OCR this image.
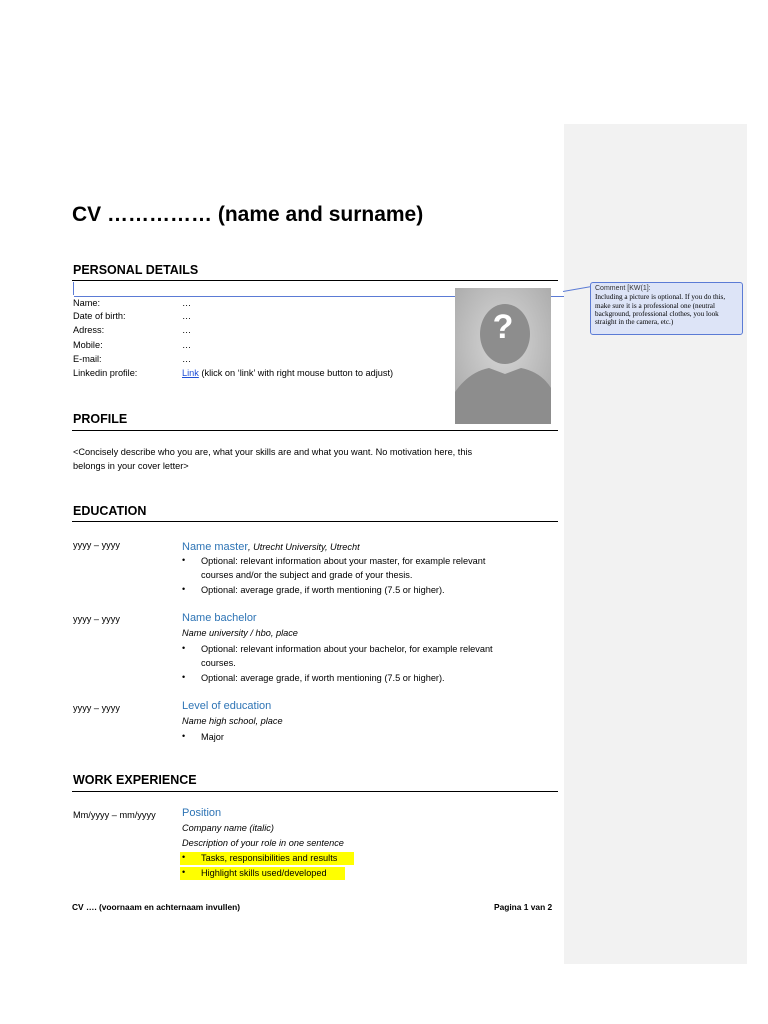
Comment [KW(1]:
Including a picture is optional. If you do this, make sure it is a professional one (neutral background, professional clothes, you look straight in the camera, etc.)
CV …………… (name and surname)
PERSONAL DETAILS
Name:	…
Date of birth:	…
Adress:	…
Mobile:	…
E-mail:	…
Linkedin profile:	Link (klick on ‘link’ with right mouse button to adjust)
?
PROFILE
<Concisely describe who you are, what your skills are and what you want. No motivation here, this
belongs in your cover letter>
EDUCATION
yyyy – yyyy	Name master, Utrecht University, Utrecht
• Optional: relevant information about your master, for example relevant
courses and/or the subject and grade of your thesis.
• Optional: average grade, if worth mentioning (7.5 or higher).
yyyy – yyyy	Name bachelor
Name university / hbo, place
• Optional: relevant information about your bachelor, for example relevant
courses.
• Optional: average grade, if worth mentioning (7.5 or higher).
yyyy – yyyy	Level of education
Name high school, place
• Major
WORK EXPERIENCE
Mm/yyyy – mm/yyyy Position
Company name (italic)
Description of your role in one sentence
• Tasks, responsibilities and results
• Highlight skills used/developed
CV …. (voornaam en achternaam invullen)	Pagina 1 van 2
